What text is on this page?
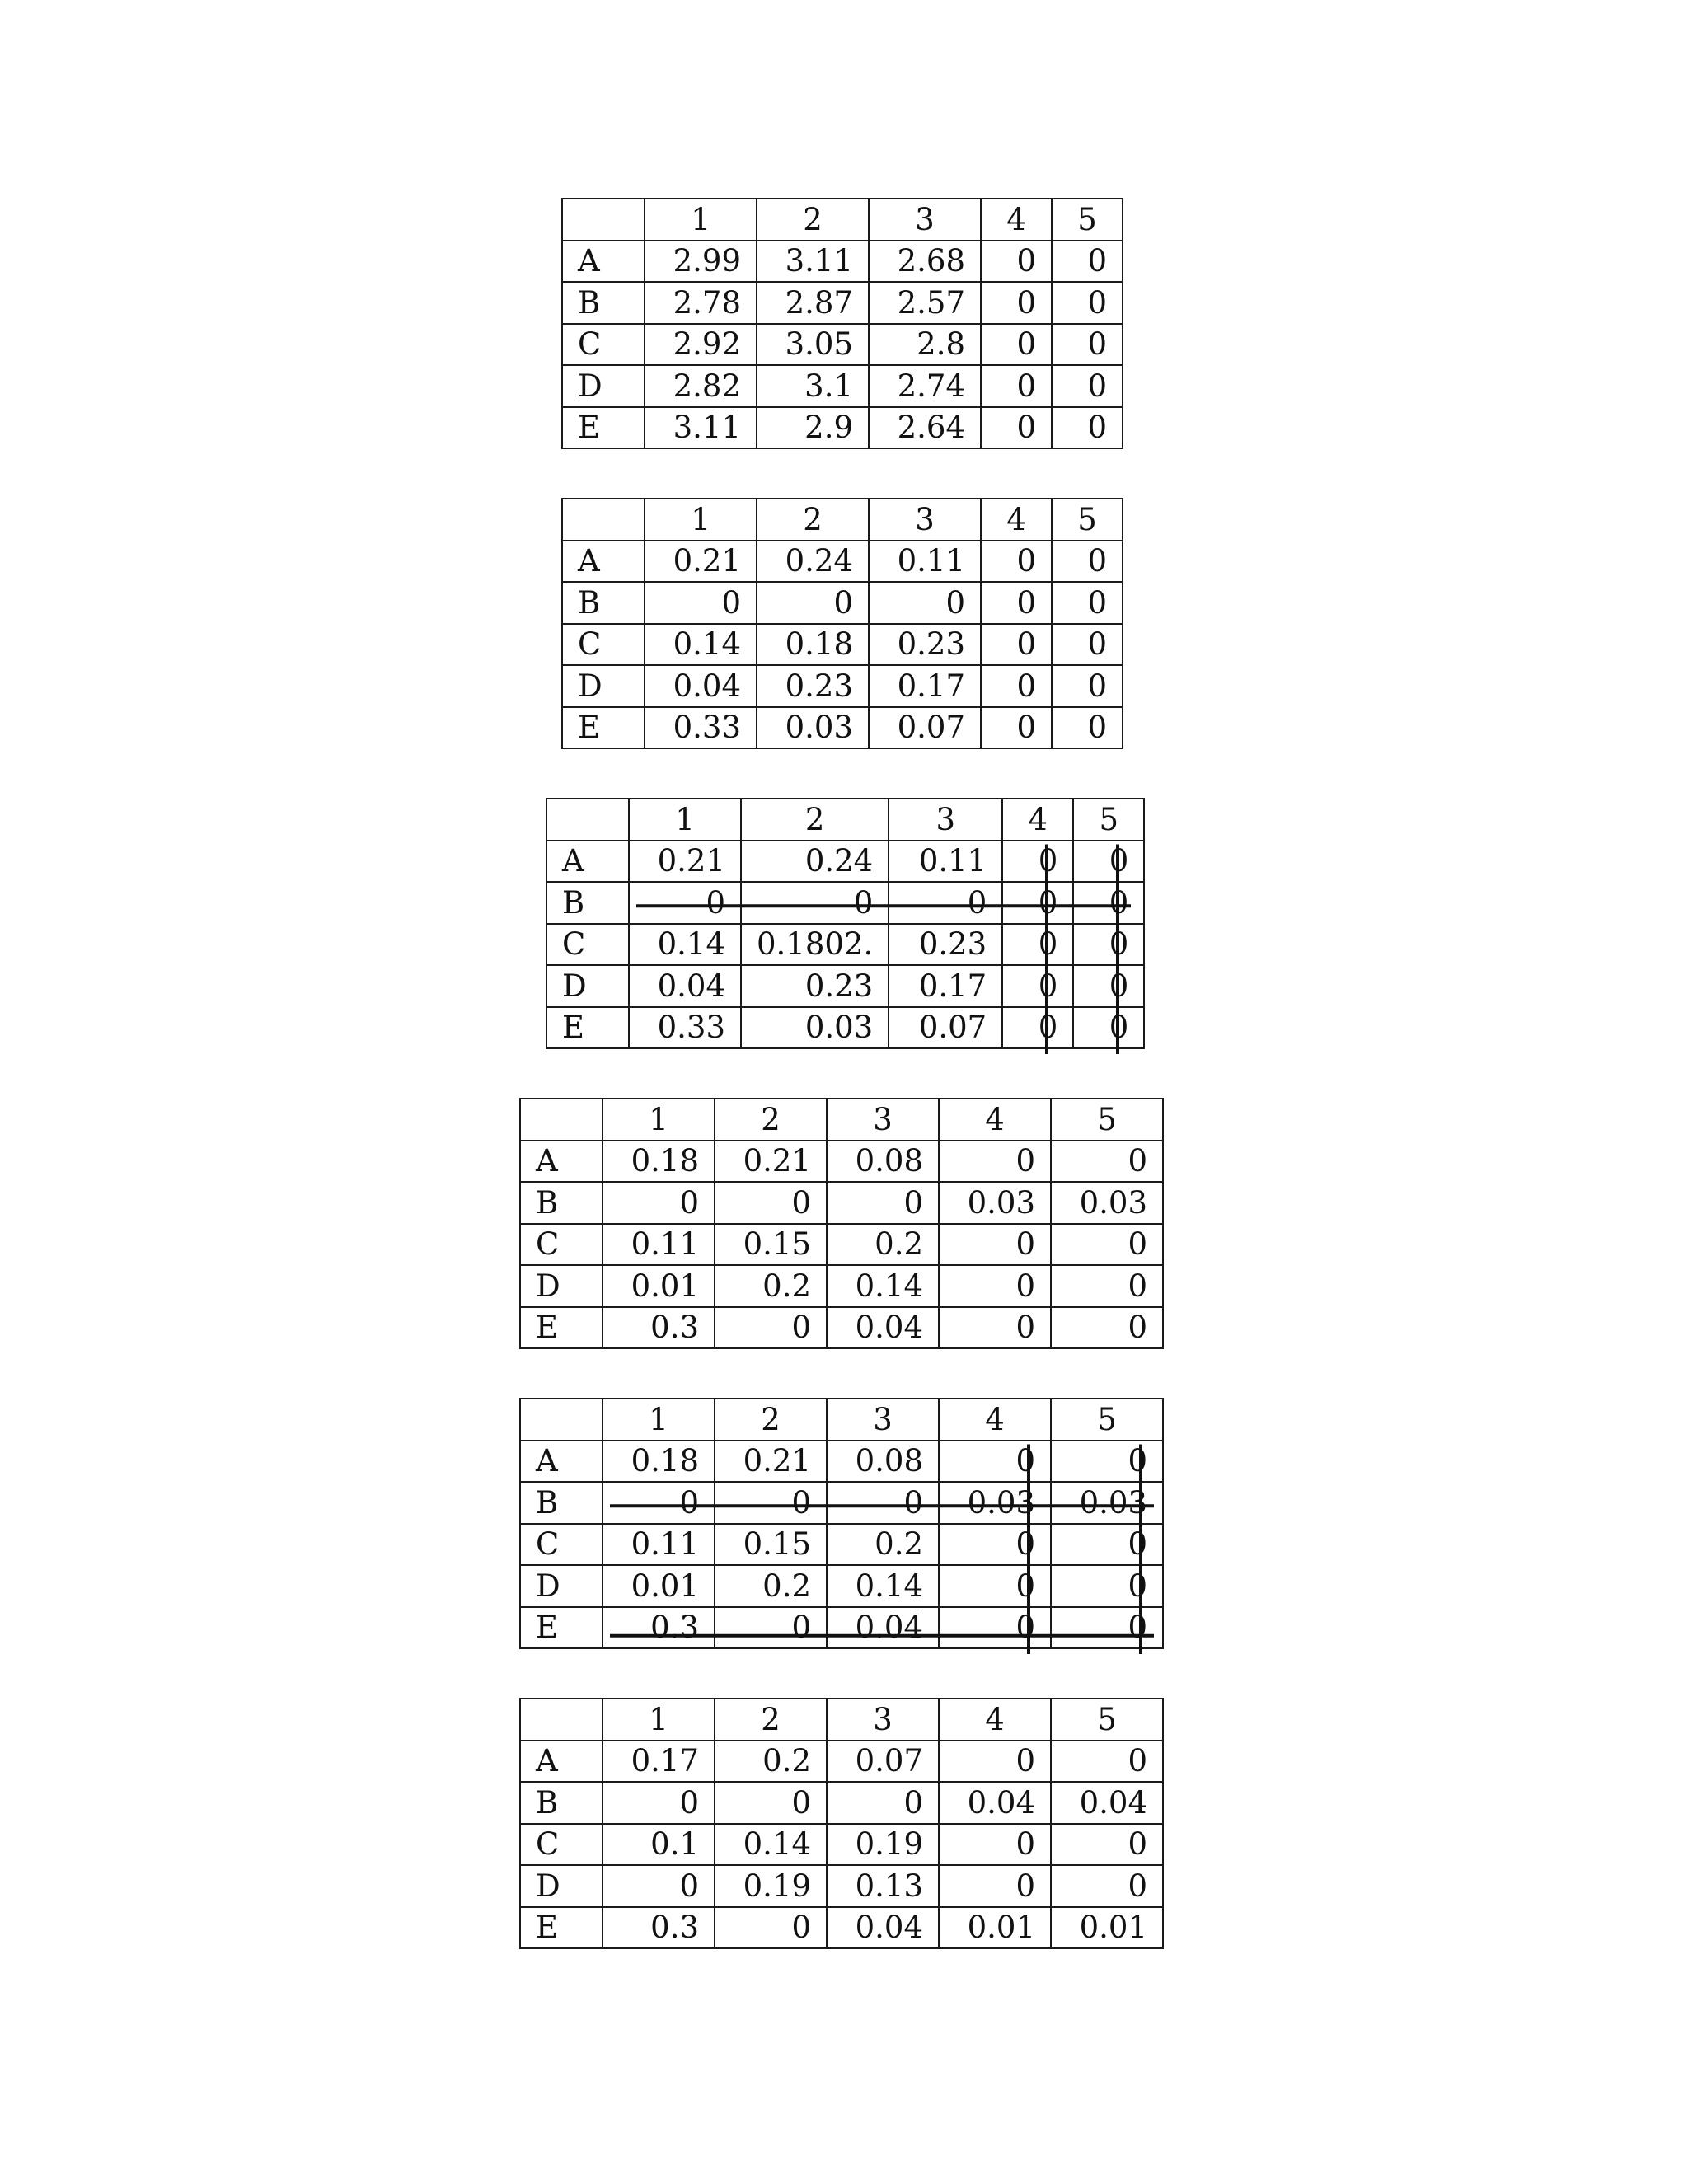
	1	2	3	4	5
A	2.99	3.11	2.68	0	0
B	2.78	2.87	2.57	0	0
C	2.92	3.05	2.8	0	0
D	2.82	3.1	2.74	0	0
E	3.11	2.9	2.64	0	0
	1	2	3	4	5
A	0.21	0.24	0.11	0	0
B	0	0	0	0	0
C	0.14	0.18	0.23	0	0
D	0.04	0.23	0.17	0	0
E	0.33	0.03	0.07	0	0
	1	2	3	4	5
A	0.21	0.24	0.11	0	0
B	0	0	0	0	0
C	0.14	0.1802.	0.23	0	0
D	0.04	0.23	0.17	0	0
E	0.33	0.03	0.07	0	0
	1	2	3	4	5
A	0.18	0.21	0.08	0	0
B	0	0	0	0.03	0.03
C	0.11	0.15	0.2	0	0
D	0.01	0.2	0.14	0	0
E	0.3	0	0.04	0	0
	1	2	3	4	5
A	0.18	0.21	0.08	0	0
B	0	0	0	0.03	0.03
C	0.11	0.15	0.2	0	0
D	0.01	0.2	0.14	0	0
E	0.3	0	0.04	0	0
	1	2	3	4	5
A	0.17	0.2	0.07	0	0
B	0	0	0	0.04	0.04
C	0.1	0.14	0.19	0	0
D	0	0.19	0.13	0	0
E	0.3	0	0.04	0.01	0.01
